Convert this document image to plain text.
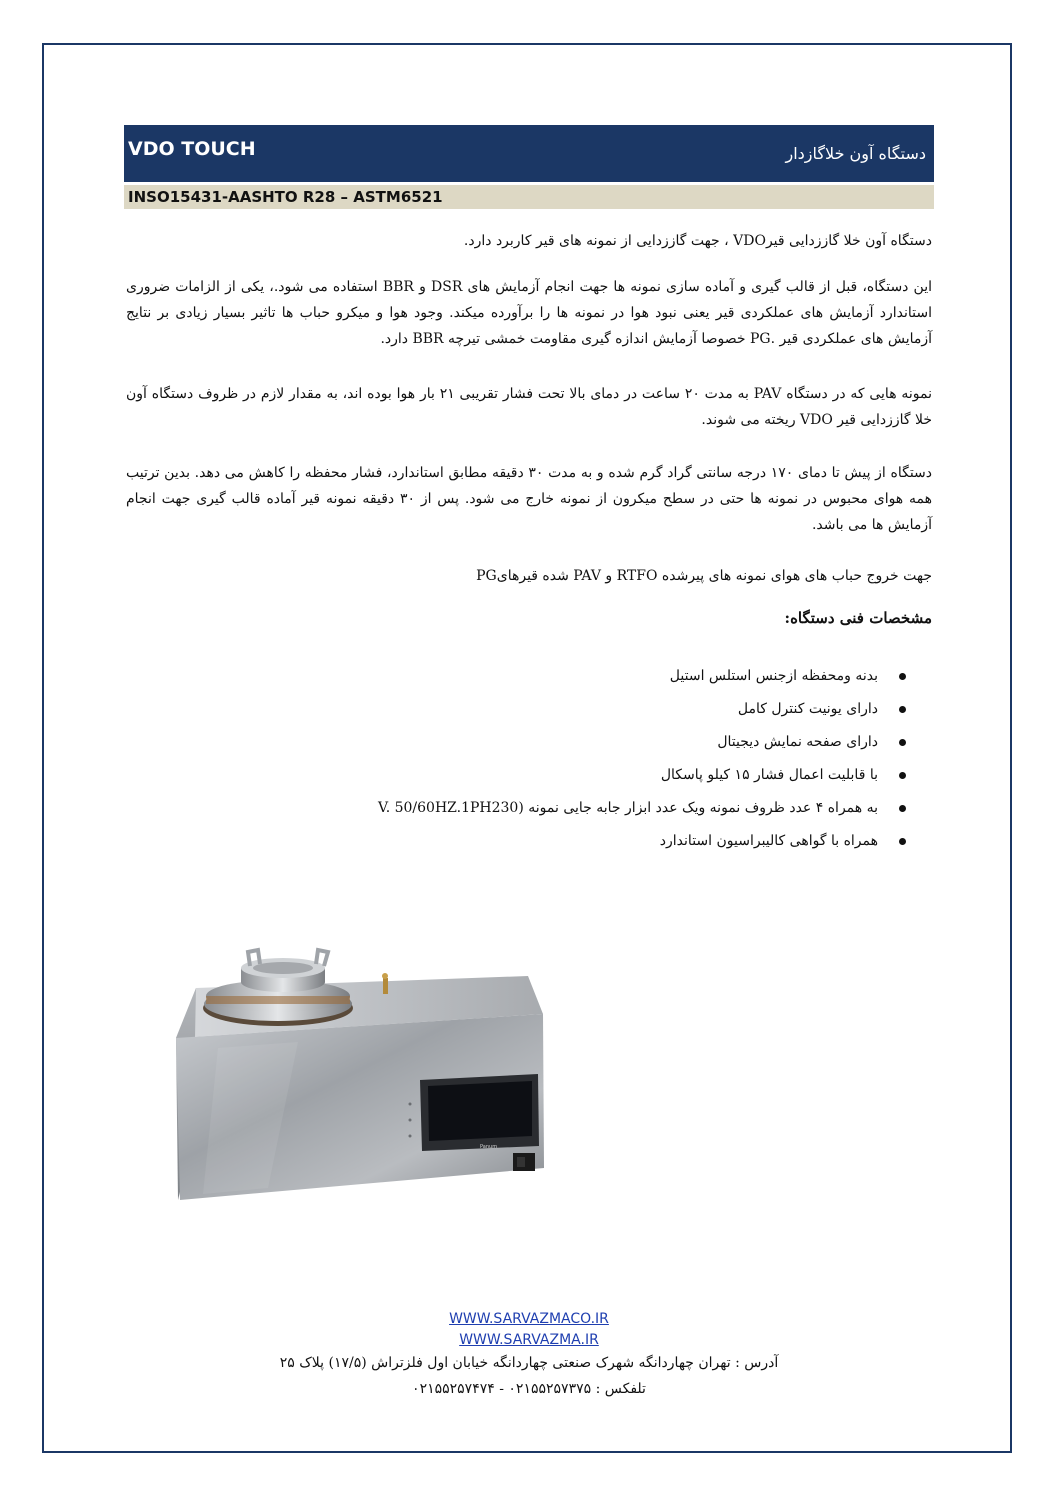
VDO TOUCH	دستگاه آون خلاگازدار
INSO15431-AASHTO R28 – ASTM6521
دستگاه آون خلا گاززدایی قیرVDO ، جهت گاززدایی از نمونه های قیر کاربرد دارد.
این دستگاه، قبل از قالب گیری و آماده سازی نمونه ها جهت انجام آزمایش های DSR و BBR استفاده می شود.، یکی از الزامات ضروری استاندارد آزمایش های عملکردی قیر یعنی نبود هوا در نمونه ها را برآورده میکند. وجود هوا و میکرو حباب ها تاثیر بسیار زیادی بر نتایج آزمایش های عملکردی قیر .PG خصوصا آزمایش اندازه گیری مقاومت خمشی تیرچه BBR دارد.
نمونه هایی که در دستگاه PAV به مدت ۲۰ ساعت در دمای بالا تحت فشار تقریبی ۲۱ بار هوا بوده اند، به مقدار لازم در ظروف دستگاه آون خلا گاززدایی قیر VDO ریخته می شوند.
دستگاه از پیش تا دمای ۱۷۰ درجه سانتی گراد گرم شده و به مدت ۳۰ دقیقه مطابق استاندارد، فشار محفظه را کاهش می دهد. بدین ترتیب همه هوای محبوس در نمونه ها حتی در سطح میکرون از نمونه خارج می شود. پس از ۳۰ دقیقه نمونه قیر آماده قالب گیری جهت انجام آزمایش ها می باشد.
جهت خروج حباب های هوای نمونه های پیرشده RTFO و PAV شده قیرهایPG
مشخصات فنی دستگاه:
بدنه ومحفظه ازجنس استلس استیل
دارای یونیت کنترل کامل
دارای صفحه نمایش دیجیتال
با قابلیت اعمال فشار ۱۵ کیلو پاسکال
به همراه ۴ عدد ظروف نمونه ویک عدد ابزار جابه جایی نمونه (V. 50/60HZ.1PH230
همراه با گواهی کالیبراسیون استاندارد
Panum
WWW.SARVAZMACO.IR
WWW.SARVAZMA.IR
آدرس : تهران چهاردانگه شهرک صنعتی چهاردانگه خیابان اول فلزتراش (۱۷/۵) پلاک ۲۵
تلفکس : ۰۲۱۵۵۲۵۷۳۷۵ - ۰۲۱۵۵۲۵۷۴۷۴
